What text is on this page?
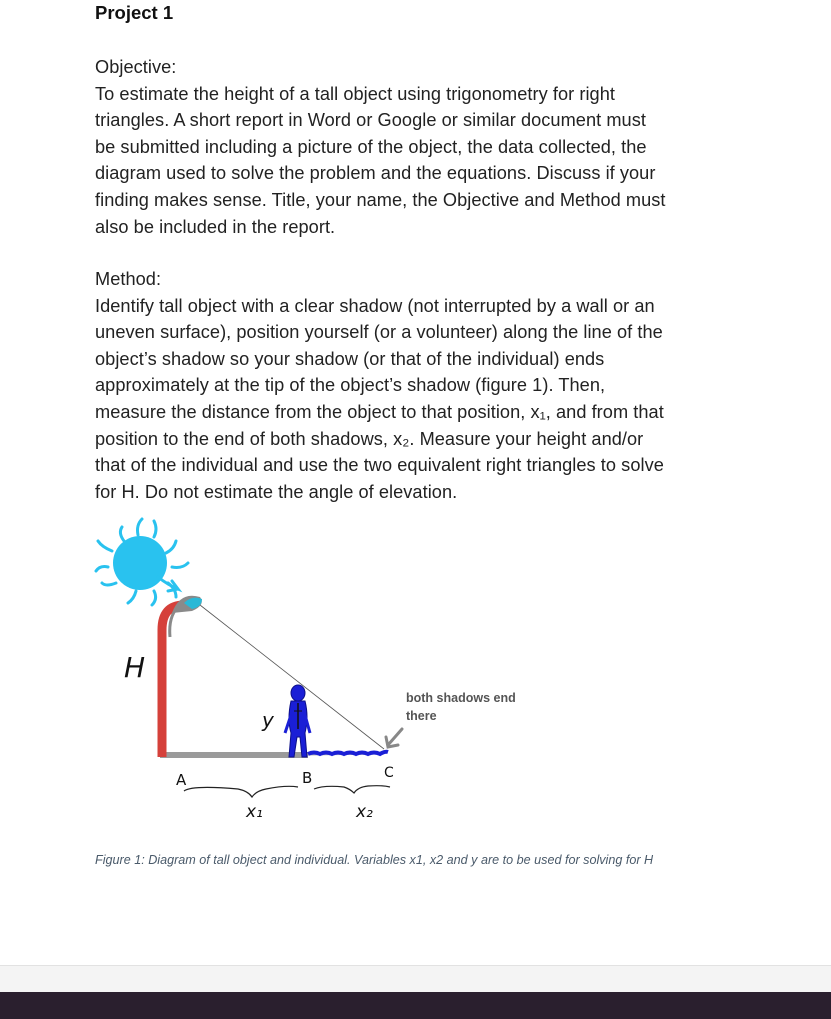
Project 1
Objective:
To estimate the height of a tall object using trigonometry for right
triangles. A short report in Word or Google or similar document must
be submitted including a picture of the object, the data collected, the
diagram used to solve the problem and the equations. Discuss if your
finding makes sense. Title, your name, the Objective and Method must
also be included in the report.
Method:
Identify tall object with a clear shadow (not interrupted by a wall or an
uneven surface), position yourself (or a volunteer) along the line of the
object’s shadow so your shadow (or that of the individual) ends
approximately at the tip of the object’s shadow (figure 1). Then,
measure the distance from the object to that position, x₁, and from that
position to the end of both shadows, x₂. Measure your height and/or
that of the individual and use the two equivalent right triangles to solve
for H. Do not estimate the angle of elevation.
H
y
A	B	C
x₁	x₂
both shadows end
there
Figure 1: Diagram of tall object and individual. Variables x1, x2 and y are to be used for solving for H
